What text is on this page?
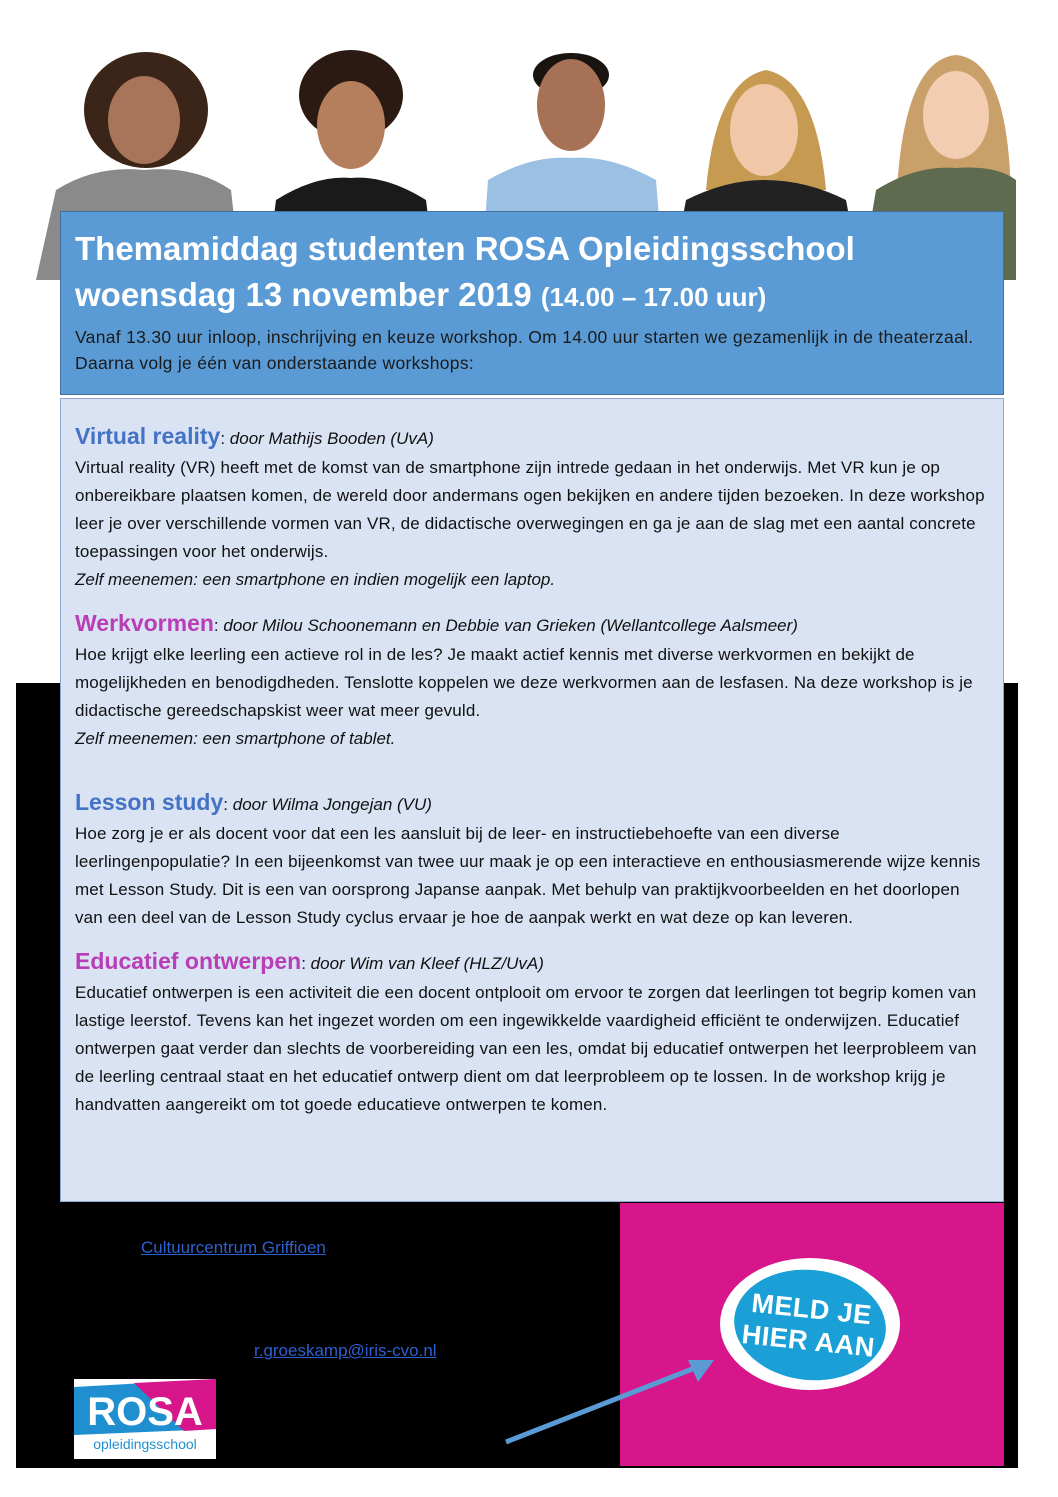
Themamiddag studenten ROSA Opleidingsschool
woensdag 13 november 2019 (14.00 – 17.00 uur)
Vanaf 13.30 uur inloop, inschrijving en keuze workshop. Om 14.00 uur starten we gezamenlijk in de theaterzaal. Daarna volg je één van onderstaande workshops:
Virtual reality: door Mathijs Booden (UvA)
Virtual reality (VR) heeft met de komst van de smartphone zijn intrede gedaan in het onderwijs. Met VR kun je op onbereikbare plaatsen komen, de wereld door andermans ogen bekijken en andere tijden bezoeken. In deze workshop leer je over verschillende vormen van VR, de didactische overwegingen en ga je aan de slag met een aantal concrete toepassingen voor het onderwijs.
Zelf meenemen: een smartphone en indien mogelijk een laptop.
Werkvormen: door Milou Schoonemann en Debbie van Grieken (Wellantcollege Aalsmeer)
Hoe krijgt elke leerling een actieve rol in de les? Je maakt actief kennis met diverse werkvormen en bekijkt de mogelijkheden en benodigdheden. Tenslotte koppelen we deze werkvormen aan de lesfasen. Na deze workshop is je didactische gereedschapskist weer wat meer gevuld.
Zelf meenemen: een smartphone of tablet.
Lesson study: door Wilma Jongejan (VU)
Hoe zorg je er als docent voor dat een les aansluit bij de leer- en instructiebehoefte van een diverse leerlingenpopulatie? In een bijeenkomst van twee uur maak je op een interactieve en enthousiasmerende wijze kennis met Lesson Study. Dit is een van oorsprong Japanse aanpak. Met behulp van praktijkvoorbeelden en het doorlopen van een deel van de Lesson Study cyclus ervaar je hoe de aanpak werkt en wat deze op kan leveren.
Educatief ontwerpen: door Wim van Kleef (HLZ/UvA)
Educatief ontwerpen is een activiteit die een docent ontplooit om ervoor te zorgen dat leerlingen tot begrip komen van lastige leerstof. Tevens kan het ingezet worden om een ingewikkelde vaardigheid efficiënt te onderwijzen. Educatief ontwerpen gaat verder dan slechts de voorbereiding van een les, omdat bij educatief ontwerpen het leerprobleem van de leerling centraal staat en het educatief ontwerp dient om dat leerprobleem op te lossen. In de workshop krijg je handvatten aangereikt om tot goede educatieve ontwerpen te komen.
Cultuurcentrum Griffioen
r.groeskamp@iris-cvo.nl
MELD JE
HIER AAN
ROSA
opleidingsschool
